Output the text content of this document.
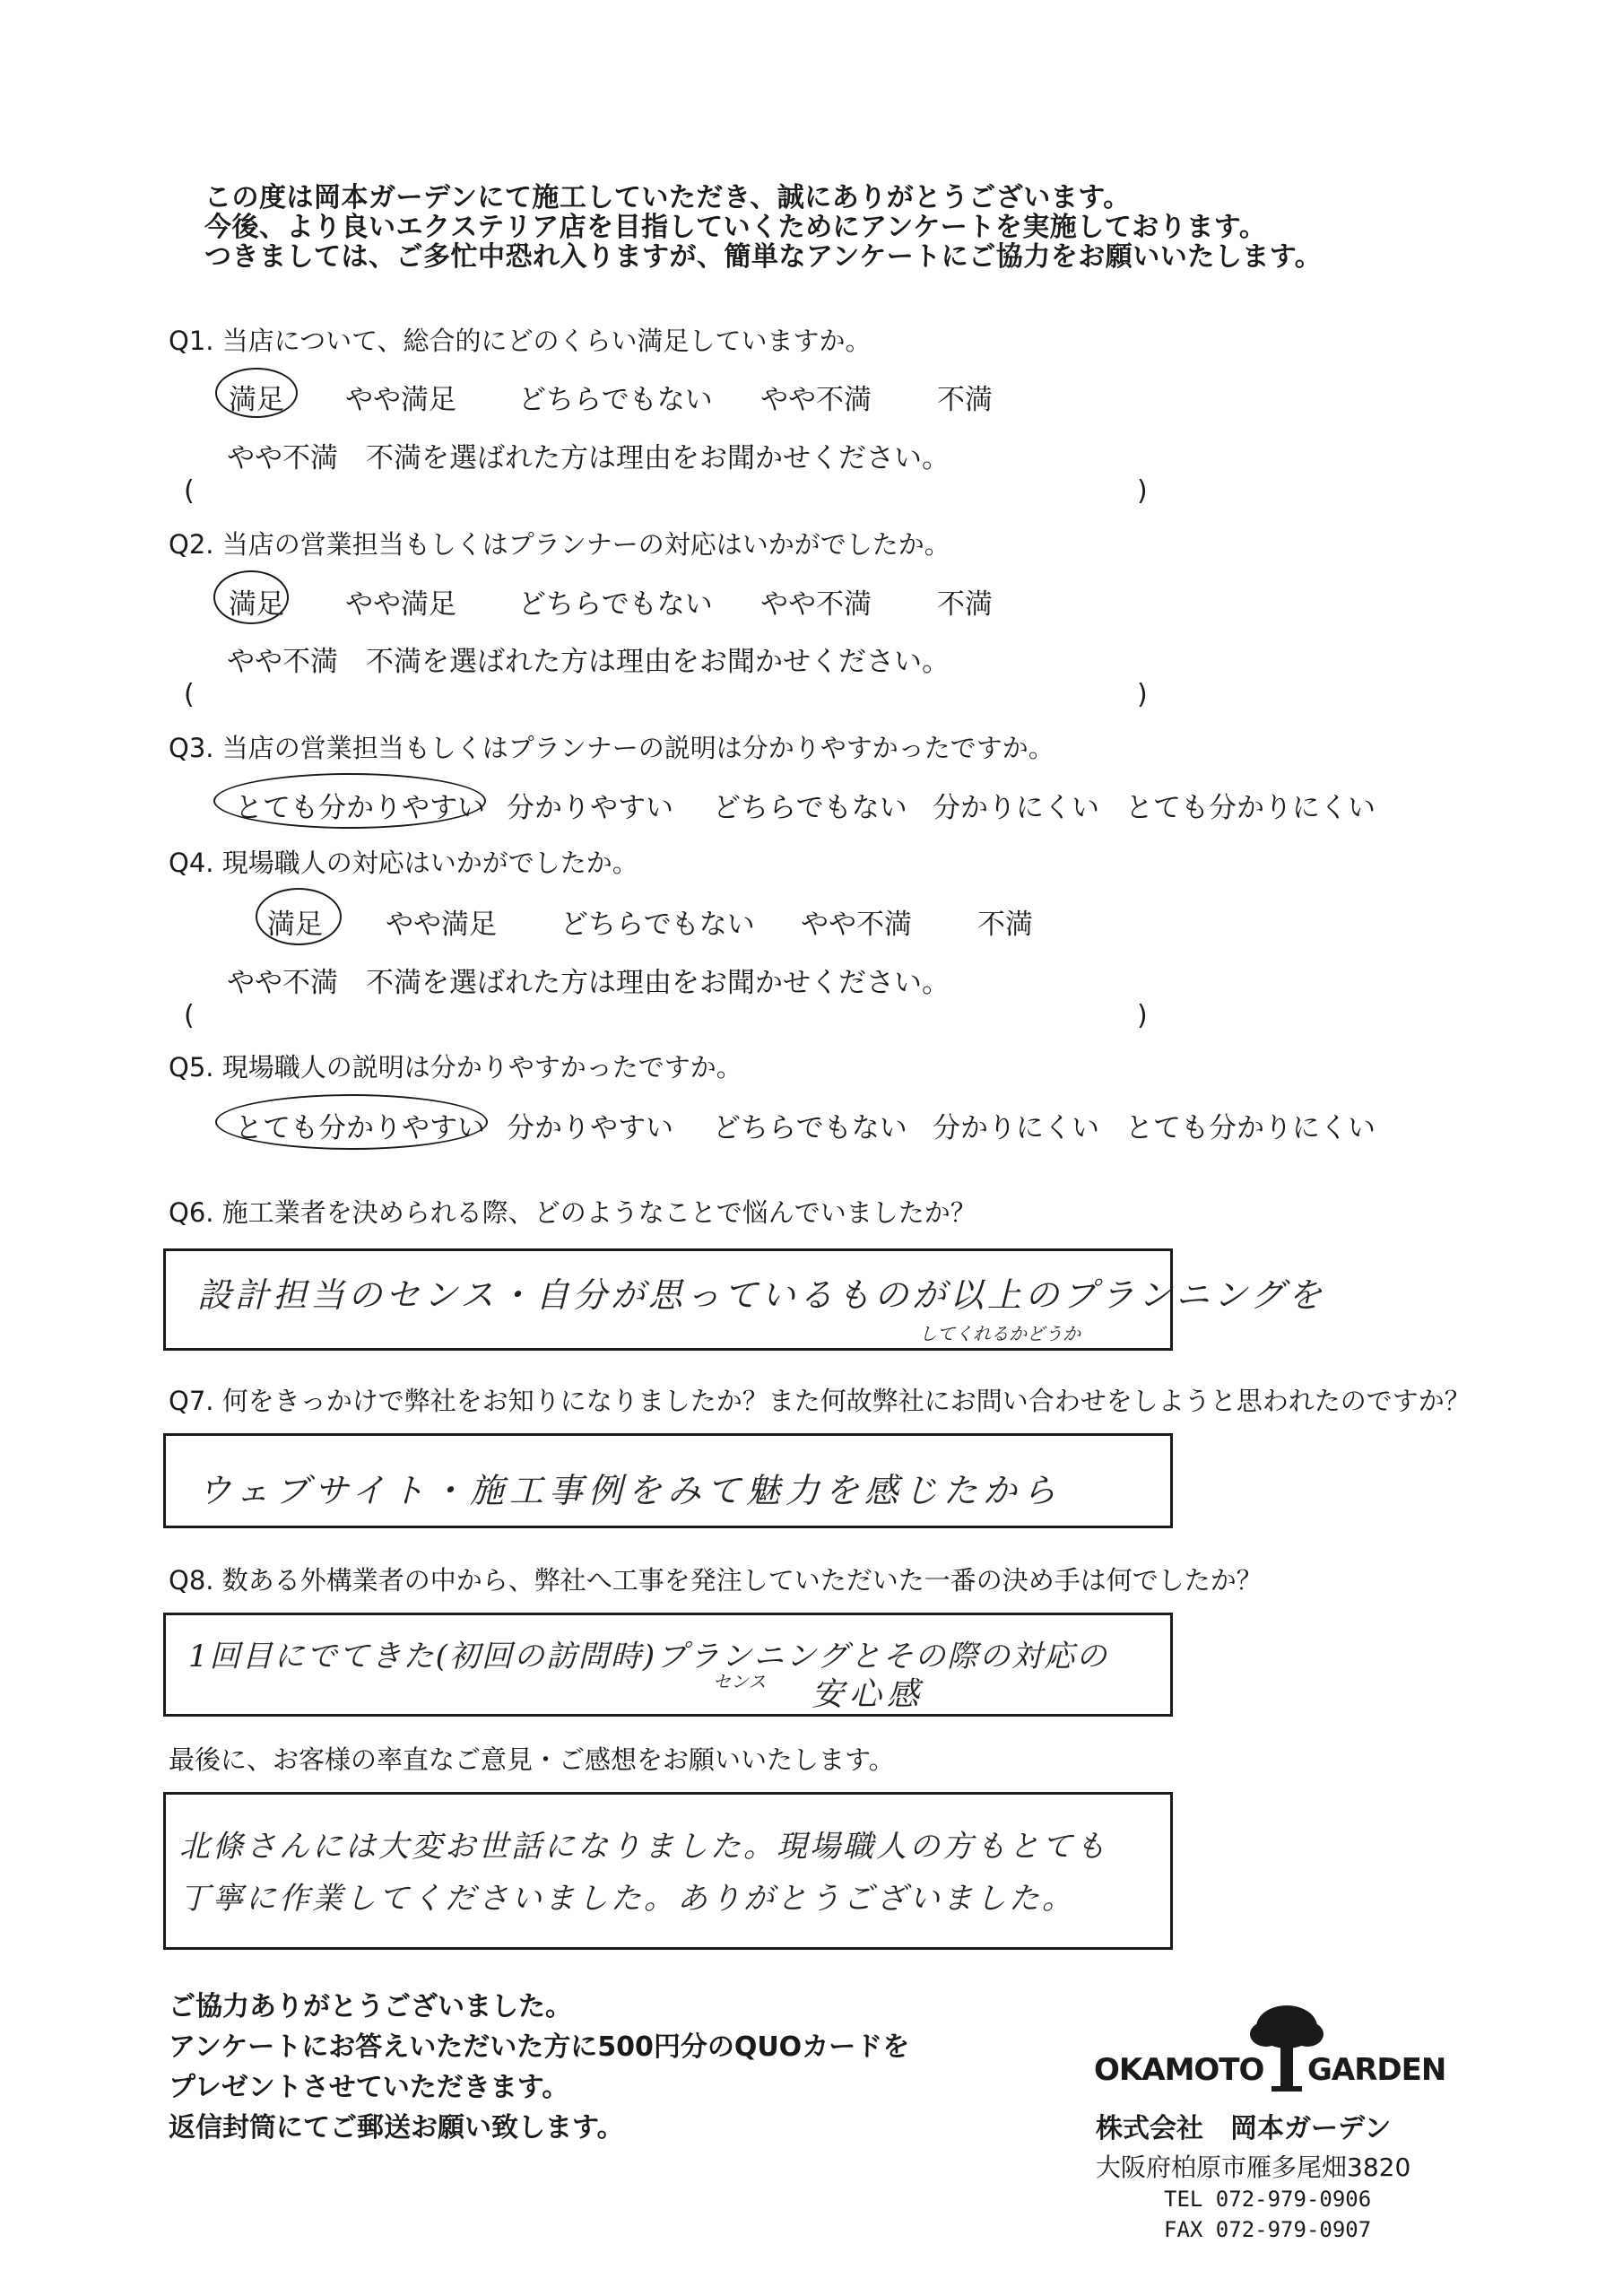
この度は岡本ガーデンにて施工していただき、誠にありがとうございます。
今後、より良いエクステリア店を目指していくためにアンケートを実施しております。
つきましては、ご多忙中恐れ入りますが、簡単なアンケートにご協力をお願いいたします。
Q1. 当店について、総合的にどのくらい満足していますか。
満足 やや満足 どちらでもない やや不満 不満
やや不満　不満を選ばれた方は理由をお聞かせください。
(	)
Q2. 当店の営業担当もしくはプランナーの対応はいかがでしたか。
満足 やや満足 どちらでもない やや不満 不満
やや不満　不満を選ばれた方は理由をお聞かせください。
(	)
Q3. 当店の営業担当もしくはプランナーの説明は分かりやすかったですか。
とても分かりやすい 分かりやすい どちらでもない 分かりにくい とても分かりにくい
Q4. 現場職人の対応はいかがでしたか。
満足 やや満足 どちらでもない やや不満 不満
やや不満　不満を選ばれた方は理由をお聞かせください。
(	)
Q5. 現場職人の説明は分かりやすかったですか。
とても分かりやすい 分かりやすい どちらでもない 分かりにくい とても分かりにくい
Q6. 施工業者を決められる際、どのようなことで悩んでいましたか？
設計担当のセンス・自分が思っているものが以上のプランニングを
してくれるかどうか
Q7. 何をきっかけで弊社をお知りになりましたか？また何故弊社にお問い合わせをしようと思われたのですか？
ウェブサイト・施工事例をみて魅力を感じたから
Q8. 数ある外構業者の中から、弊社へ工事を発注していただいた一番の決め手は何でしたか？
1回目にでてきた(初回の訪問時)プランニングとその際の対応の
センス 安心感
最後に、お客様の率直なご意見・ご感想をお願いいたします。
北條さんには大変お世話になりました。現場職人の方もとても
丁寧に作業してくださいました。ありがとうございました。
ご協力ありがとうございました。
アンケートにお答えいただいた方に500円分のQUOカードを
プレゼントさせていただきます。
返信封筒にてご郵送お願い致します。
OKAMOTO GARDEN
株式会社　岡本ガーデン
大阪府柏原市雁多尾畑3820
TEL 072-979-0906
FAX 072-979-0907
